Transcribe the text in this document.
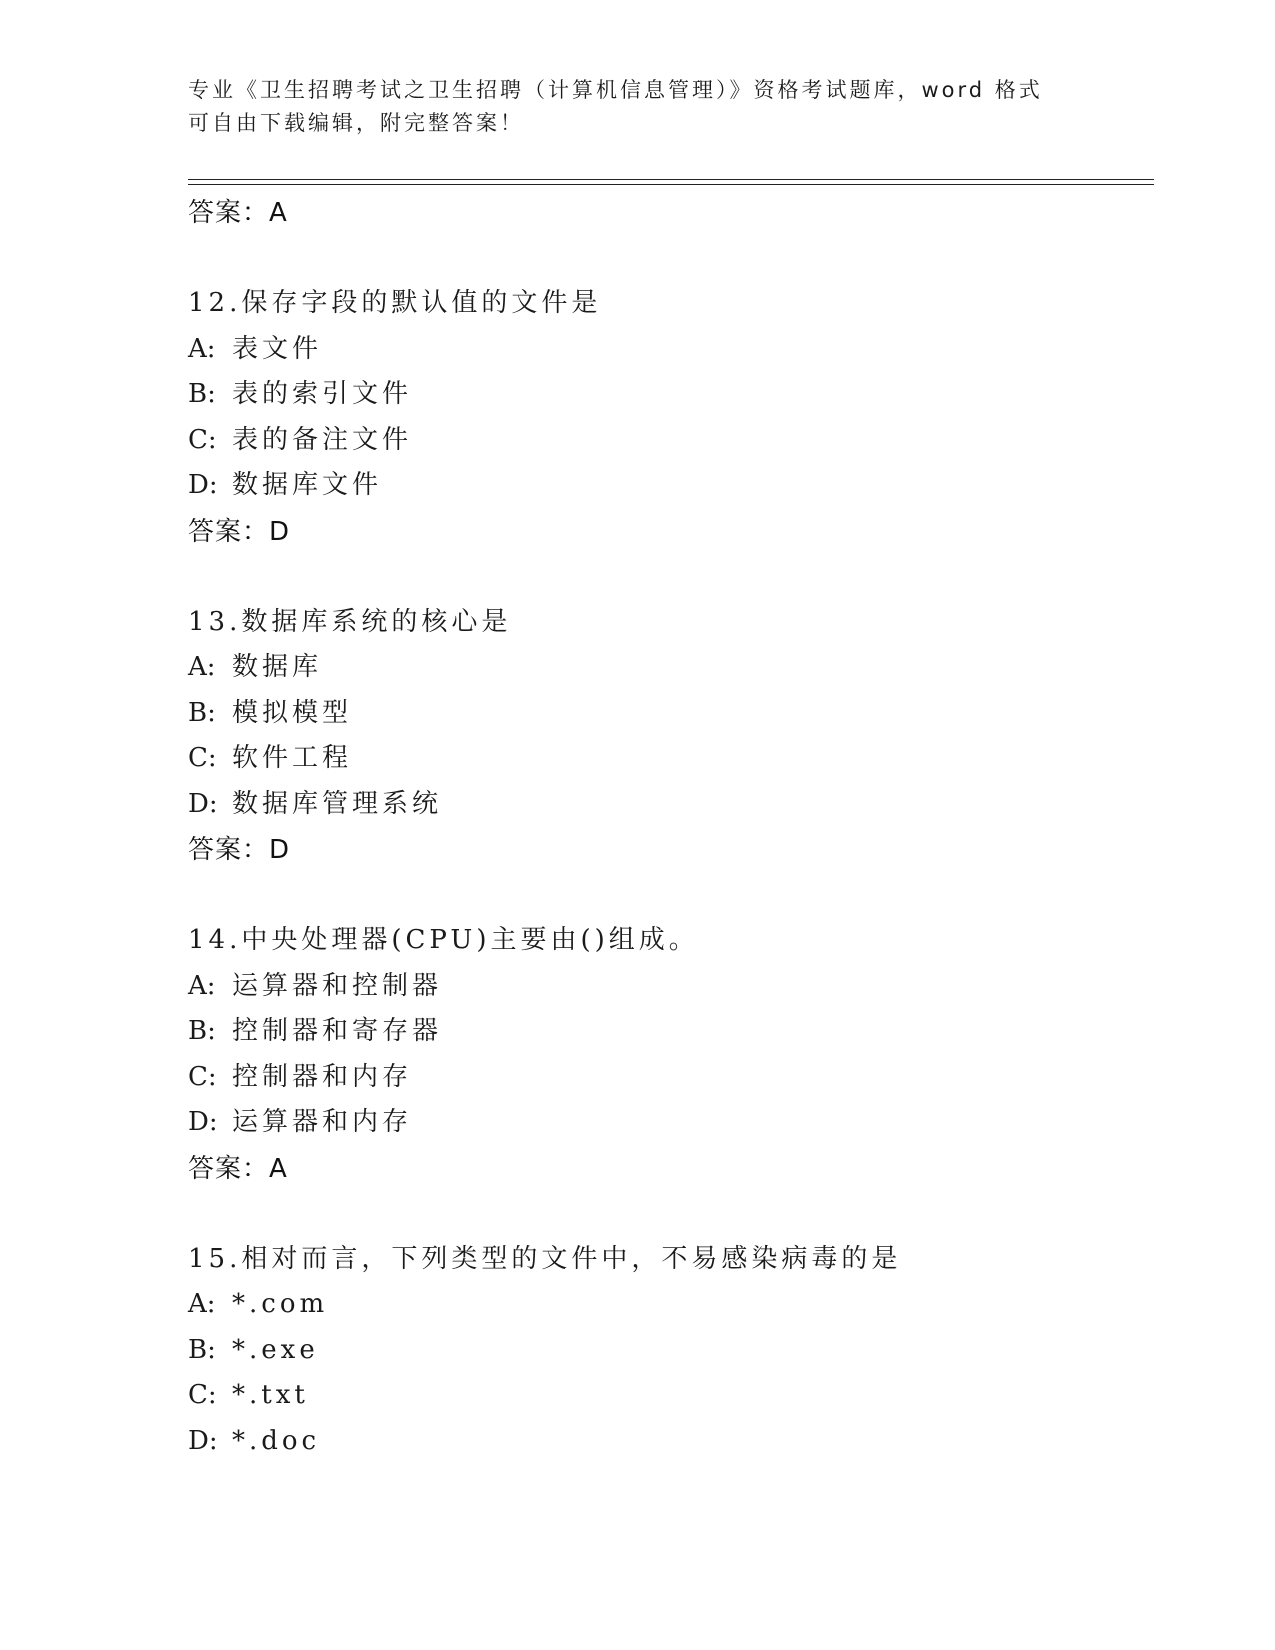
专业《卫生招聘考试之卫生招聘（计算机信息管理）》资格考试题库，word 格式
可自由下载编辑，附完整答案！
答案：A
12.保存字段的默认值的文件是
A: 表文件
B: 表的索引文件
C: 表的备注文件
D: 数据库文件
答案：D
13.数据库系统的核心是
A: 数据库
B: 模拟模型
C: 软件工程
D: 数据库管理系统
答案：D
14.中央处理器(CPU)主要由()组成。
A: 运算器和控制器
B: 控制器和寄存器
C: 控制器和内存
D: 运算器和内存
答案：A
15.相对而言，下列类型的文件中，不易感染病毒的是
A: *.com
B: *.exe
C: *.txt
D: *.doc
